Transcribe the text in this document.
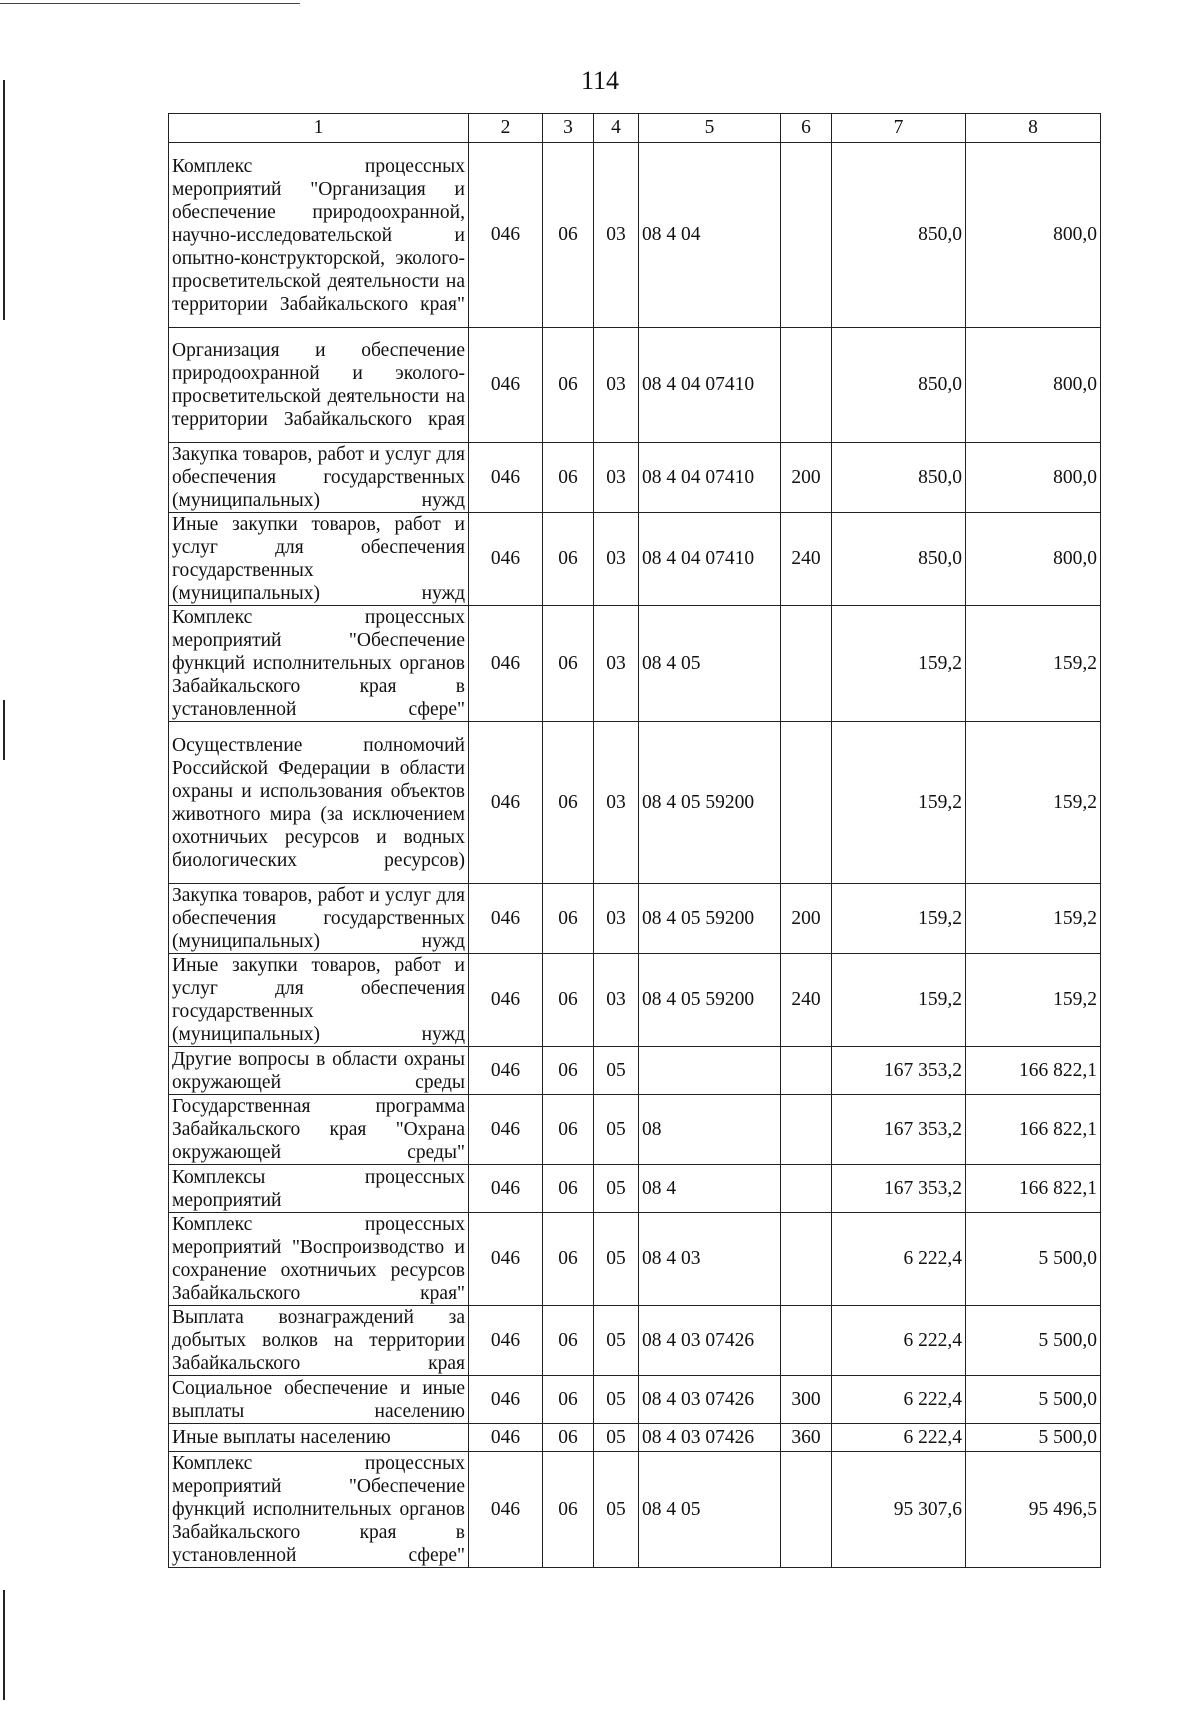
114
1	2	3	4	5	6	7	8
Комплекс процессных мероприятий "Организация и обеспечение природоохранной, научно-исследовательской и опытно-конструкторской, эколого-просветительской деятельности на территории Забайкальского края"	046	06	03	08 4 04		850,0	800,0
Организация и обеспечение природоохранной и эколого-просветительской деятельности на территории Забайкальского края	046	06	03	08 4 04 07410		850,0	800,0
Закупка товаров, работ и услуг для обеспечения государственных (муниципальных) нужд	046	06	03	08 4 04 07410	200	850,0	800,0
Иные закупки товаров, работ и услуг для обеспечения государственных (муниципальных) нужд	046	06	03	08 4 04 07410	240	850,0	800,0
Комплекс процессных мероприятий "Обеспечение функций исполнительных органов Забайкальского края в установленной сфере"	046	06	03	08 4 05		159,2	159,2
Осуществление полномочий Российской Федерации в области охраны и использования объектов животного мира (за исключением охотничьих ресурсов и водных биологических ресурсов)	046	06	03	08 4 05 59200		159,2	159,2
Закупка товаров, работ и услуг для обеспечения государственных (муниципальных) нужд	046	06	03	08 4 05 59200	200	159,2	159,2
Иные закупки товаров, работ и услуг для обеспечения государственных (муниципальных) нужд	046	06	03	08 4 05 59200	240	159,2	159,2
Другие вопросы в области охраны окружающей среды	046	06	05			167 353,2	166 822,1
Государственная программа Забайкальского края "Охрана окружающей среды"	046	06	05	08		167 353,2	166 822,1
Комплексы процессных мероприятий	046	06	05	08 4		167 353,2	166 822,1
Комплекс процессных мероприятий "Воспроизводство и сохранение охотничьих ресурсов Забайкальского края"	046	06	05	08 4 03		6 222,4	5 500,0
Выплата вознаграждений за добытых волков на территории Забайкальского края	046	06	05	08 4 03 07426		6 222,4	5 500,0
Социальное обеспечение и иные выплаты населению	046	06	05	08 4 03 07426	300	6 222,4	5 500,0
Иные выплаты населению	046	06	05	08 4 03 07426	360	6 222,4	5 500,0
Комплекс процессных мероприятий "Обеспечение функций исполнительных органов Забайкальского края в установленной сфере"	046	06	05	08 4 05		95 307,6	95 496,5
